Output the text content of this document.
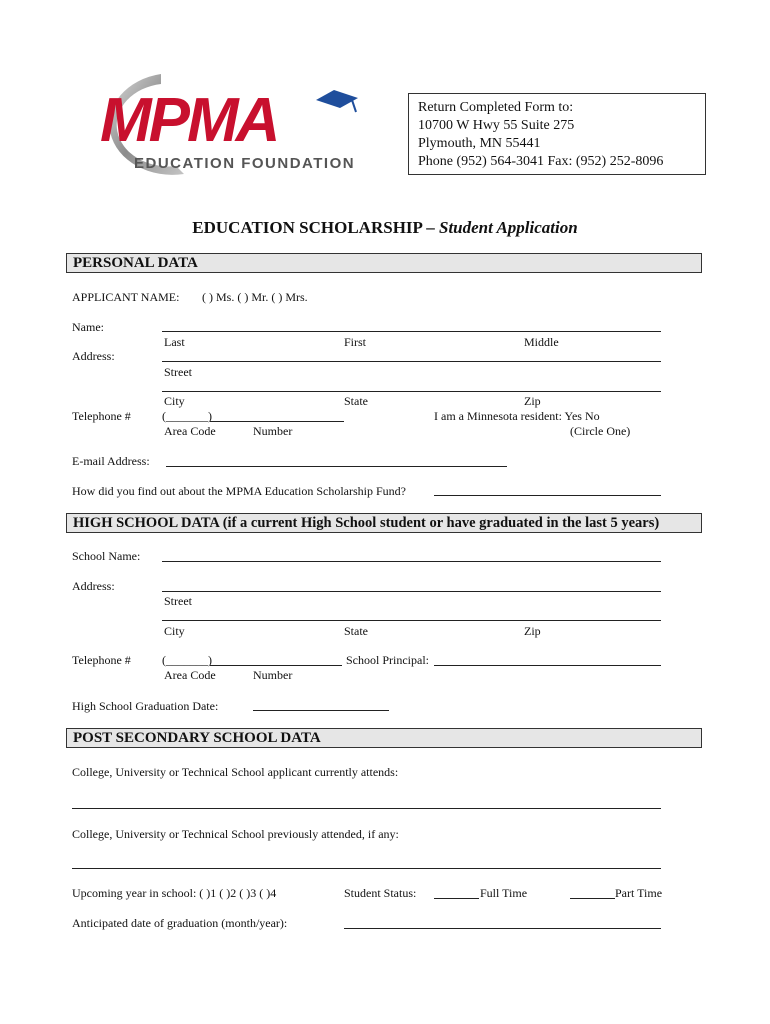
MPMA
EDUCATION FOUNDATION
Return Completed Form to:
10700 W Hwy 55 Suite 275
Plymouth, MN 55441
Phone (952) 564-3041 Fax: (952) 252-8096
EDUCATION SCHOLARSHIP – Student Application
PERSONAL DATA
APPLICANT NAME: ( ) Ms. ( ) Mr. ( ) Mrs.
Name:
Last	First	Middle
Address:
Street
City	State	Zip
Telephone #	(_______)	I am a Minnesota resident: Yes No
Area Code	Number	(Circle One)
E-mail Address:
How did you find out about the MPMA Education Scholarship Fund?
HIGH SCHOOL DATA (if a current High School student or have graduated in the last 5 years)
School Name:
Address:
Street
City	State	Zip
Telephone #	(_______)	School Principal:
Area Code	Number
High School Graduation Date:
POST SECONDARY SCHOOL DATA
College, University or Technical School applicant currently attends:
College, University or Technical School previously attended, if any:
Upcoming year in school: ( )1 ( )2 ( )3 ( )4	Student Status:	Full Time	Part Time
Anticipated date of graduation (month/year):
